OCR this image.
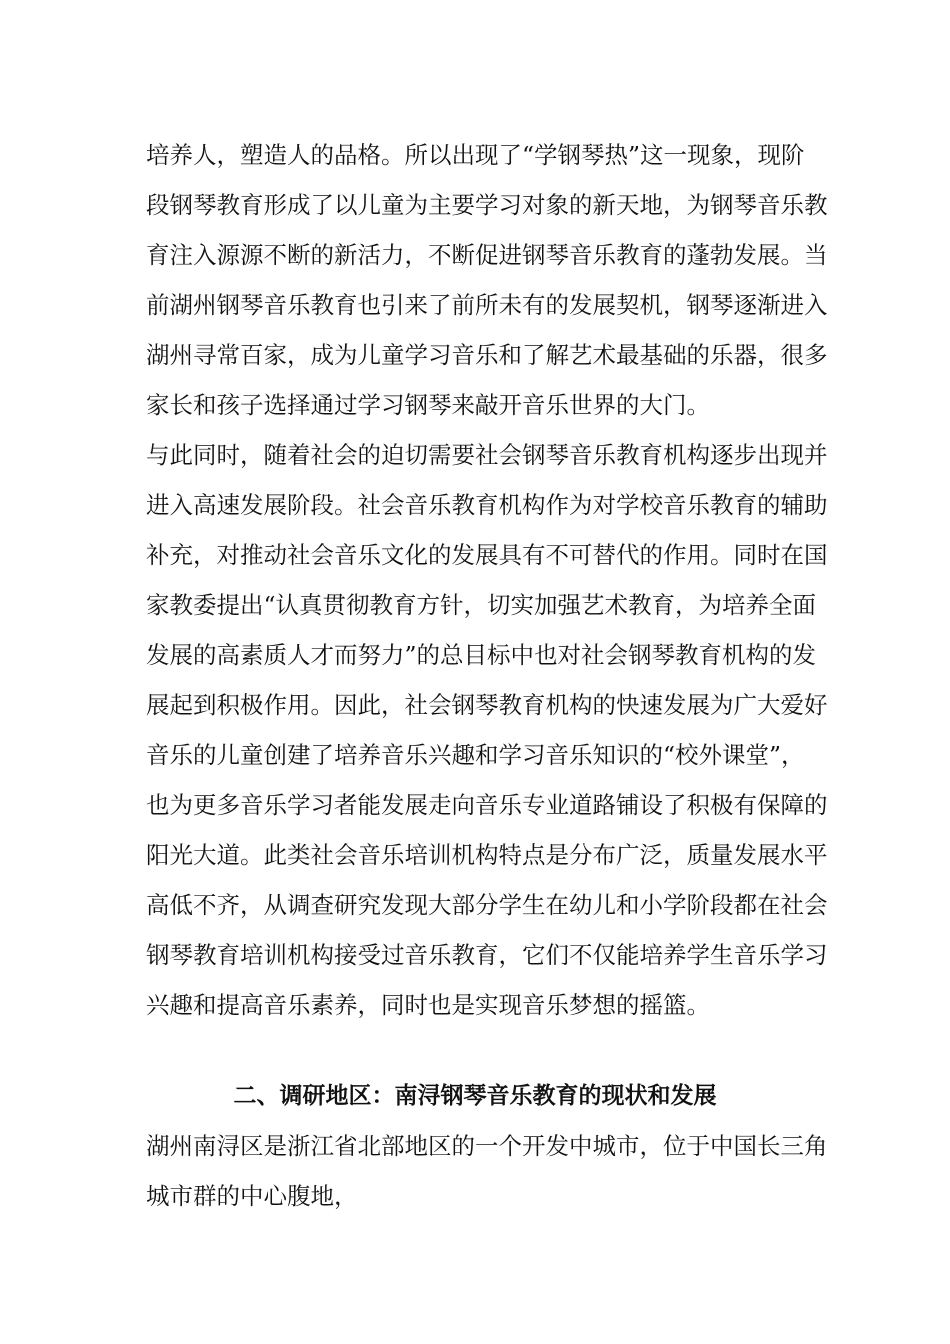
培养人，塑造人的品格。所以出现了“学钢琴热”这一现象，现阶
段钢琴教育形成了以儿童为主要学习对象的新天地，为钢琴音乐教
育注入源源不断的新活力，不断促进钢琴音乐教育的蓬勃发展。当
前湖州钢琴音乐教育也引来了前所未有的发展契机，钢琴逐渐进入
湖州寻常百家，成为儿童学习音乐和了解艺术最基础的乐器，很多
家长和孩子选择通过学习钢琴来敲开音乐世界的大门。
与此同时，随着社会的迫切需要社会钢琴音乐教育机构逐步出现并
进入高速发展阶段。社会音乐教育机构作为对学校音乐教育的辅助
补充，对推动社会音乐文化的发展具有不可替代的作用。同时在国
家教委提出“认真贯彻教育方针，切实加强艺术教育，为培养全面
发展的高素质人才而努力”的总目标中也对社会钢琴教育机构的发
展起到积极作用。因此，社会钢琴教育机构的快速发展为广大爱好
音乐的儿童创建了培养音乐兴趣和学习音乐知识的“校外课堂”，
也为更多音乐学习者能发展走向音乐专业道路铺设了积极有保障的
阳光大道。此类社会音乐培训机构特点是分布广泛，质量发展水平
高低不齐，从调查研究发现大部分学生在幼儿和小学阶段都在社会
钢琴教育培训机构接受过音乐教育，它们不仅能培养学生音乐学习
兴趣和提高音乐素养，同时也是实现音乐梦想的摇篮。
二、调研地区：南浔钢琴音乐教育的现状和发展
湖州南浔区是浙江省北部地区的一个开发中城市，位于中国长三角
城市群的中心腹地，
